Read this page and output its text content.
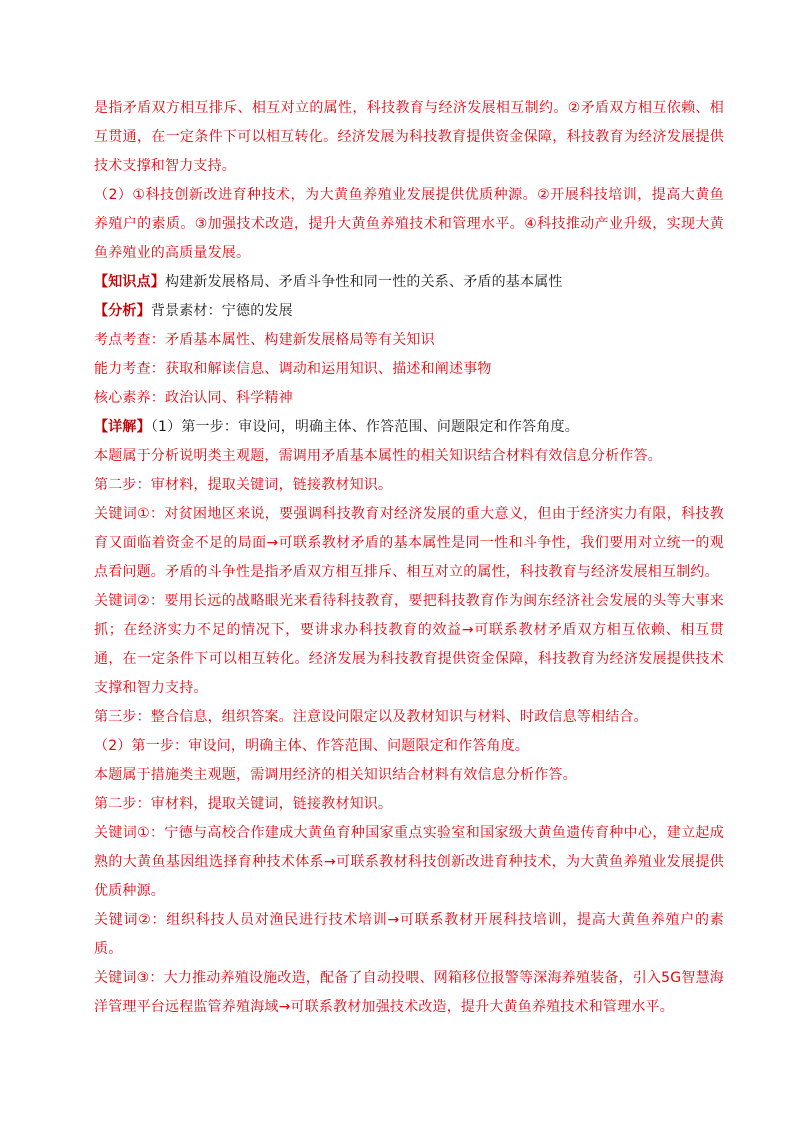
是指矛盾双方相互排斥、相互对立的属性，科技教育与经济发展相互制约。②矛盾双方相互依赖、相互贯通，在一定条件下可以相互转化。经济发展为科技教育提供资金保障，科技教育为经济发展提供技术支撑和智力支持。

（2）①科技创新改进育种技术，为大黄鱼养殖业发展提供优质种源。②开展科技培训，提高大黄鱼养殖户的素质。③加强技术改造，提升大黄鱼养殖技术和管理水平。④科技推动产业升级，实现大黄鱼养殖业的高质量发展。

【知识点】构建新发展格局、矛盾斗争性和同一性的关系、矛盾的基本属性

【分析】背景素材：宁德的发展

考点考查：矛盾基本属性、构建新发展格局等有关知识

能力考查：获取和解读信息、调动和运用知识、描述和阐述事物

核心素养：政治认同、科学精神

【详解】（1）第一步：审设问，明确主体、作答范围、问题限定和作答角度。

本题属于分析说明类主观题，需调用矛盾基本属性的相关知识结合材料有效信息分析作答。

第二步：审材料，提取关键词，链接教材知识。

关键词①：对贫困地区来说，要强调科技教育对经济发展的重大意义，但由于经济实力有限，科技教育又面临着资金不足的局面→可联系教材矛盾的基本属性是同一性和斗争性，我们要用对立统一的观点看问题。矛盾的斗争性是指矛盾双方相互排斥、相互对立的属性，科技教育与经济发展相互制约。

关键词②：要用长远的战略眼光来看待科技教育，要把科技教育作为闽东经济社会发展的头等大事来抓；在经济实力不足的情况下，要讲求办科技教育的效益→可联系教材矛盾双方相互依赖、相互贯通，在一定条件下可以相互转化。经济发展为科技教育提供资金保障，科技教育为经济发展提供技术支撑和智力支持。

第三步：整合信息，组织答案。注意设问限定以及教材知识与材料、时政信息等相结合。

（2）第一步：审设问，明确主体、作答范围、问题限定和作答角度。

本题属于措施类主观题，需调用经济的相关知识结合材料有效信息分析作答。

第二步：审材料，提取关键词，链接教材知识。

关键词①：宁德与高校合作建成大黄鱼育种国家重点实验室和国家级大黄鱼遗传育种中心，建立起成熟的大黄鱼基因组选择育种技术体系→可联系教材科技创新改进育种技术，为大黄鱼养殖业发展提供优质种源。

关键词②：组织科技人员对渔民进行技术培训→可联系教材开展科技培训，提高大黄鱼养殖户的素质。

关键词③：大力推动养殖设施改造，配备了自动投喂、网箱移位报警等深海养殖装备，引入5G智慧海洋管理平台远程监管养殖海域→可联系教材加强技术改造，提升大黄鱼养殖技术和管理水平。
